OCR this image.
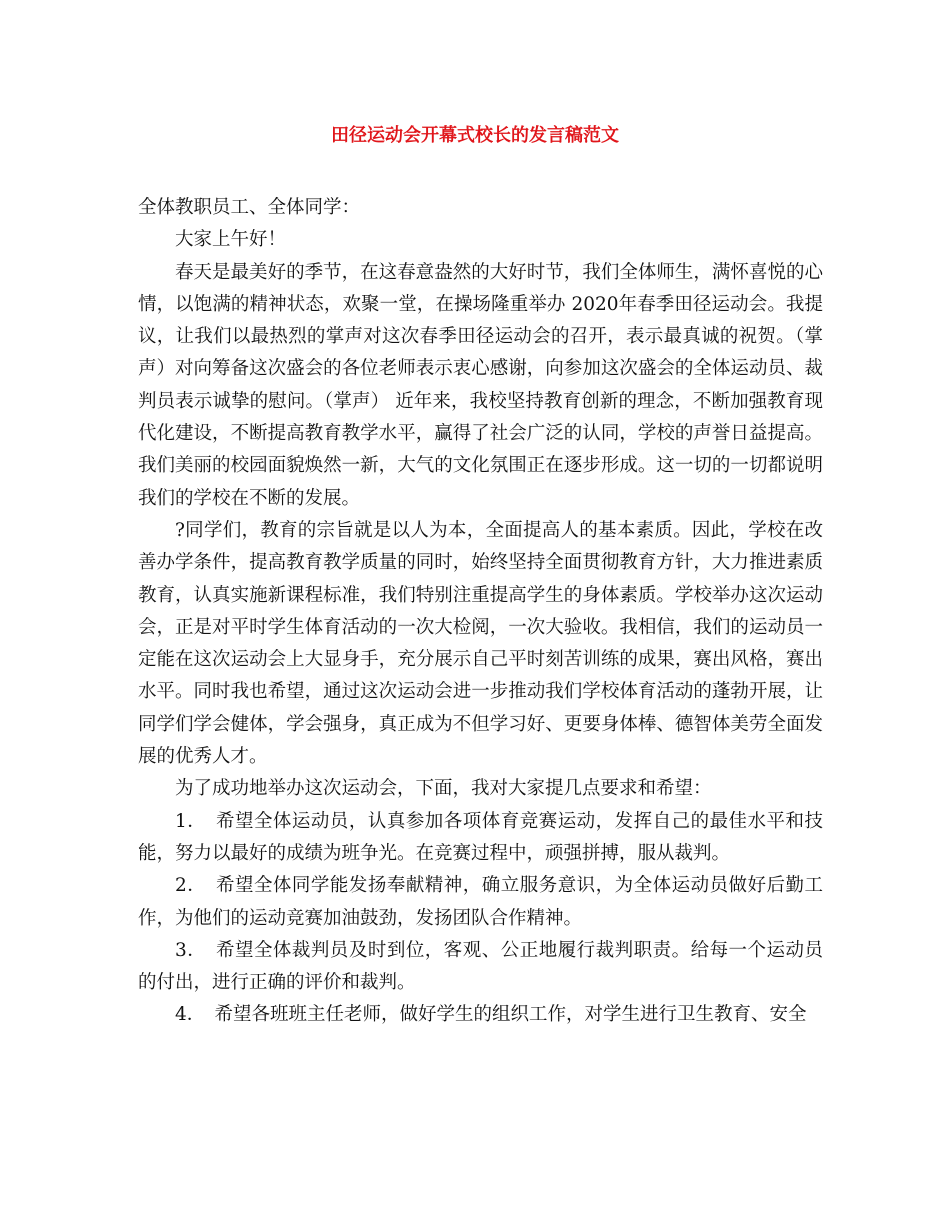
田径运动会开幕式校长的发言稿范文

全体教职员工、全体同学：

大家上午好！

春天是最美好的季节，在这春意盎然的大好时节，我们全体师生，满怀喜悦的心情，以饱满的精神状态，欢聚一堂，在操场隆重举办 2020年春季田径运动会。我提议，让我们以最热烈的掌声对这次春季田径运动会的召开，表示最真诚的祝贺。（掌声）对向筹备这次盛会的各位老师表示衷心感谢，向参加这次盛会的全体运动员、裁判员表示诚挚的慰问。（掌声） 近年来，我校坚持教育创新的理念，不断加强教育现代化建设，不断提高教育教学水平，赢得了社会广泛的认同，学校的声誉日益提高。我们美丽的校园面貌焕然一新，大气的文化氛围正在逐步形成。这一切的一切都说明我们的学校在不断的发展。

?同学们，教育的宗旨就是以人为本，全面提高人的基本素质。因此，学校在改善办学条件，提高教育教学质量的同时，始终坚持全面贯彻教育方针，大力推进素质教育，认真实施新课程标准，我们特别注重提高学生的身体素质。学校举办这次运动会，正是对平时学生体育活动的一次大检阅，一次大验收。我相信，我们的运动员一定能在这次运动会上大显身手，充分展示自己平时刻苦训练的成果，赛出风格，赛出水平。同时我也希望，通过这次运动会进一步推动我们学校体育活动的蓬勃开展，让同学们学会健体，学会强身，真正成为不但学习好、更要身体棒、德智体美劳全面发展的优秀人才。

为了成功地举办这次运动会，下面，我对大家提几点要求和希望：

1．　希望全体运动员，认真参加各项体育竞赛运动，发挥自己的最佳水平和技能，努力以最好的成绩为班争光。在竞赛过程中，顽强拼搏，服从裁判。

2．　希望全体同学能发扬奉献精神，确立服务意识，为全体运动员做好后勤工作，为他们的运动竞赛加油鼓劲，发扬团队合作精神。

3．　希望全体裁判员及时到位，客观、公正地履行裁判职责。给每一个运动员的付出，进行正确的评价和裁判。

4．　希望各班班主任老师，做好学生的组织工作，对学生进行卫生教育、安全
